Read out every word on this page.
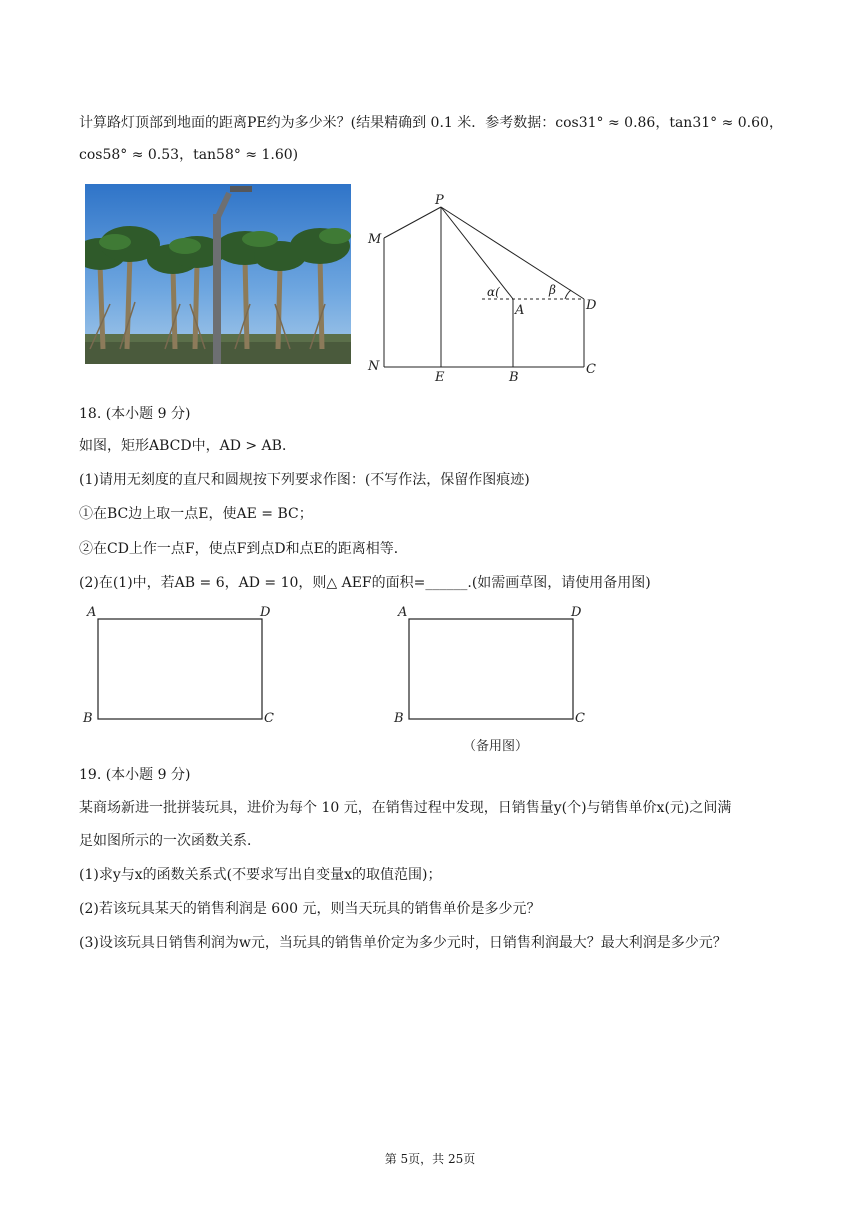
计算路灯顶部到地面的距离PE约为多少米？(结果精确到 0.1 米．参考数据：cos31° ≈ 0.86，tan31° ≈ 0.60，
cos58° ≈ 0.53，tan58° ≈ 1.60)
P
M
N
E	B
C
D
A
α(	β
18. (本小题 9 分)
如图，矩形ABCD中，AD > AB．
(1)请用无刻度的直尺和圆规按下列要求作图：(不写作法，保留作图痕迹)
①在BC边上取一点E，使AE = BC；
②在CD上作一点F，使点F到点D和点E的距离相等．
(2)在(1)中，若AB = 6，AD = 10，则△ AEF的面积=______.(如需画草图，请使用备用图)
A	D
B	C
A	D
B	C
（备用图）
19. (本小题 9 分)
某商场新进一批拼装玩具，进价为每个 10 元，在销售过程中发现，日销售量y(个)与销售单价x(元)之间满
足如图所示的一次函数关系．
(1)求y与x的函数关系式(不要求写出自变量x的取值范围)；
(2)若该玩具某天的销售利润是 600 元，则当天玩具的销售单价是多少元？
(3)设该玩具日销售利润为w元，当玩具的销售单价定为多少元时，日销售利润最大？最大利润是多少元？
第 5页，共 25页
